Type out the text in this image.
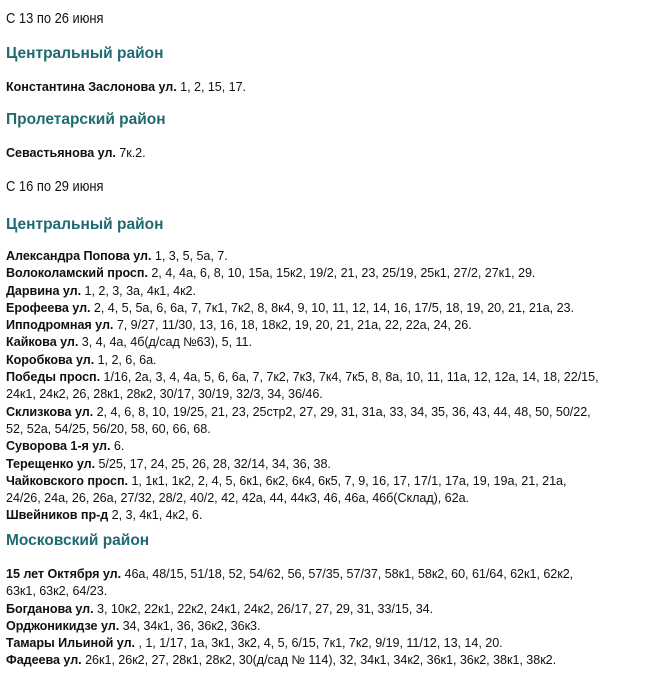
С 13 по 26 июня
Центральный район
Константина Заслонова ул. 1, 2, 15, 17.
Пролетарский район
Севастьянова ул. 7к.2.
С 16 по 29 июня
Центральный район
Александра Попова ул. 1, 3, 5, 5а, 7.
Волоколамский просп. 2, 4, 4а, 6, 8, 10, 15а, 15к2, 19/2, 21, 23, 25/19, 25к1, 27/2, 27к1, 29.
Дарвина ул. 1, 2, 3, 3а, 4к1, 4к2.
Ерофеева ул. 2, 4, 5, 5а, 6, 6а, 7, 7к1, 7к2, 8, 8к4, 9, 10, 11, 12, 14, 16, 17/5, 18, 19, 20, 21, 21а, 23.
Ипподромная ул. 7, 9/27, 11/30, 13, 16, 18, 18к2, 19, 20, 21, 21а, 22, 22а, 24, 26.
Кайкова ул. 3, 4, 4а, 4б(д/сад №63), 5, 11.
Коробкова ул. 1, 2, 6, 6а.
Победы просп. 1/16, 2а, 3, 4, 4а, 5, 6, 6а, 7, 7к2, 7к3, 7к4, 7к5, 8, 8а, 10, 11, 11а, 12, 12а, 14, 18, 22/15,
24к1, 24к2, 26, 28к1, 28к2, 30/17, 30/19, 32/3, 34, 36/46.
Склизкова ул. 2, 4, 6, 8, 10, 19/25, 21, 23, 25стр2, 27, 29, 31, 31а, 33, 34, 35, 36, 43, 44, 48, 50, 50/22,
52, 52а, 54/25, 56/20, 58, 60, 66, 68.
Суворова 1-я ул. 6.
Терещенко ул. 5/25, 17, 24, 25, 26, 28, 32/14, 34, 36, 38.
Чайковского просп. 1, 1к1, 1к2, 2, 4, 5, 6к1, 6к2, 6к4, 6к5, 7, 9, 16, 17, 17/1, 17а, 19, 19а, 21, 21а,
24/26, 24а, 26, 26а, 27/32, 28/2, 40/2, 42, 42а, 44, 44к3, 46, 46а, 46б(Склад), 62а.
Швейников пр-д 2, 3, 4к1, 4к2, 6.
Московский район
15 лет Октября ул. 46а, 48/15, 51/18, 52, 54/62, 56, 57/35, 57/37, 58к1, 58к2, 60, 61/64, 62к1, 62к2,
63к1, 63к2, 64/23.
Богданова ул. 3, 10к2, 22к1, 22к2, 24к1, 24к2, 26/17, 27, 29, 31, 33/15, 34.
Орджоникидзе ул. 34, 34к1, 36, 36к2, 36к3.
Тамары Ильиной ул. , 1, 1/17, 1а, 3к1, 3к2, 4, 5, 6/15, 7к1, 7к2, 9/19, 11/12, 13, 14, 20.
Фадеева ул. 26к1, 26к2, 27, 28к1, 28к2, 30(д/сад № 114), 32, 34к1, 34к2, 36к1, 36к2, 38к1, 38к2.
